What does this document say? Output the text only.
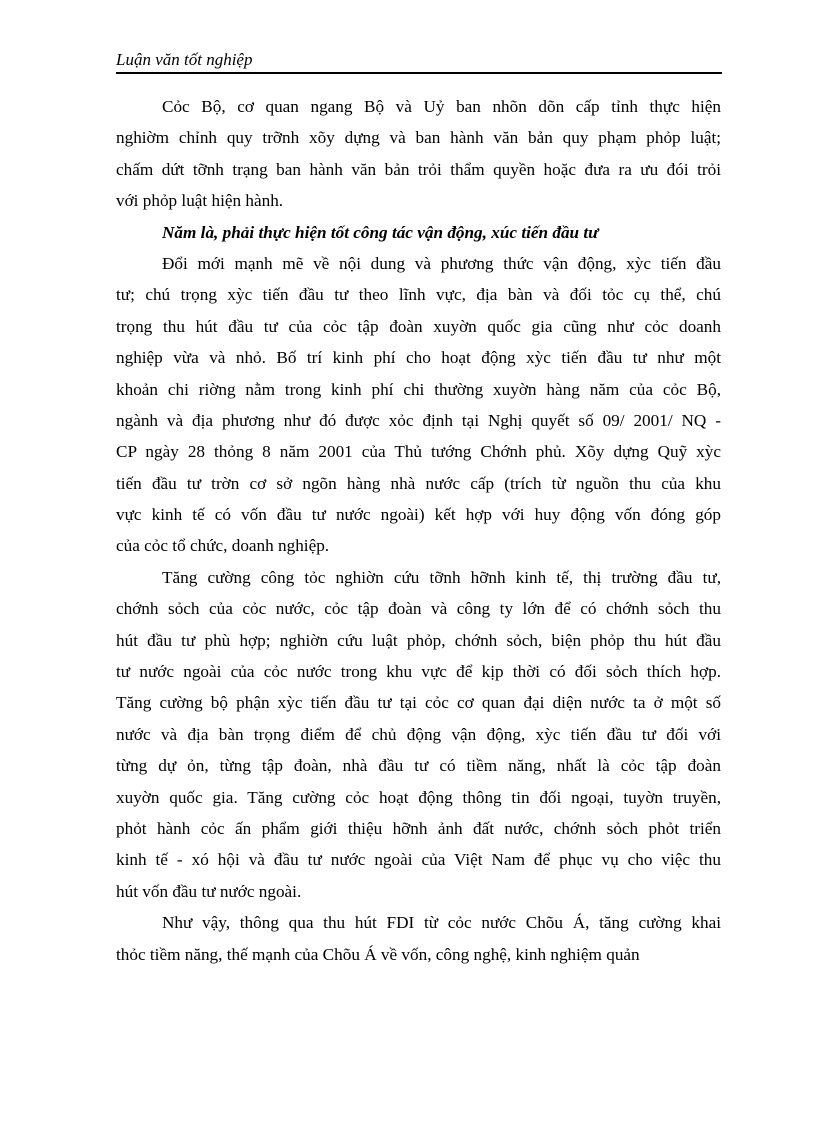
Luận văn tốt nghiệp
Cỏc Bộ, cơ quan ngang Bộ và Uỷ ban nhõn dõn cấp tỉnh thực hiện
nghiờm chỉnh quy trỡnh xõy dựng và ban hành văn bản quy phạm phỏp luật;
chấm dứt tỡnh trạng ban hành văn bản trỏi thẩm quyền hoặc đưa ra ưu đói trỏi
với phỏp luật hiện hành.
Năm là, phải thực hiện tốt công tác vận động, xúc tiến đầu tư
Đổi mới mạnh mẽ về nội dung và phương thức vận động, xỳc tiến đầu
tư; chú trọng xỳc tiến đầu tư theo lĩnh vực, địa bàn và đối tỏc cụ thể, chú
trọng thu hút đầu tư của cỏc tập đoàn xuyờn quốc gia cũng như cỏc doanh
nghiệp vừa và nhỏ. Bố trí kinh phí cho hoạt động xỳc tiến đầu tư như một
khoản chi riờng nằm trong kinh phí chi thường xuyờn hàng năm của cỏc Bộ,
ngành và địa phương như đó được xỏc định tại Nghị quyết số 09/ 2001/ NQ -
CP ngày 28 thỏng 8 năm 2001 của Thủ tướng Chớnh phủ. Xõy dựng Quỹ xỳc
tiến đầu tư trờn cơ sở ngõn hàng nhà nước cấp (trích từ nguồn thu của khu
vực kinh tế có vốn đầu tư nước ngoài) kết hợp với huy động vốn đóng góp
của cỏc tổ chức, doanh nghiệp.
Tăng cường công tỏc nghiờn cứu tỡnh hỡnh kinh tế, thị trường đầu tư,
chớnh sỏch của cỏc nước, cỏc tập đoàn và công ty lớn để có chớnh sỏch thu
hút đầu tư phù hợp; nghiờn cứu luật phỏp, chớnh sỏch, biện phỏp thu hút đầu
tư nước ngoài của cỏc nước trong khu vực để kịp thời có đối sỏch thích hợp.
Tăng cường bộ phận xỳc tiến đầu tư tại cỏc cơ quan đại diện nước ta ở một số
nước và địa bàn trọng điểm để chủ động vận động, xỳc tiến đầu tư đối với
từng dự ỏn, từng tập đoàn, nhà đầu tư có tiềm năng, nhất là cỏc tập đoàn
xuyờn quốc gia. Tăng cường cỏc hoạt động thông tin đối ngoại, tuyờn truyền,
phỏt hành cỏc ấn phẩm giới thiệu hỡnh ảnh đất nước, chớnh sỏch phỏt triển
kinh tế - xó hội và đầu tư nước ngoài của Việt Nam để phục vụ cho việc thu
hút vốn đầu tư nước ngoài.
Như vậy, thông qua thu hút FDI từ cỏc nước Chõu Á, tăng cường khai
thỏc tiềm năng, thế mạnh của Chõu Á về vốn, công nghệ, kinh nghiệm quản
